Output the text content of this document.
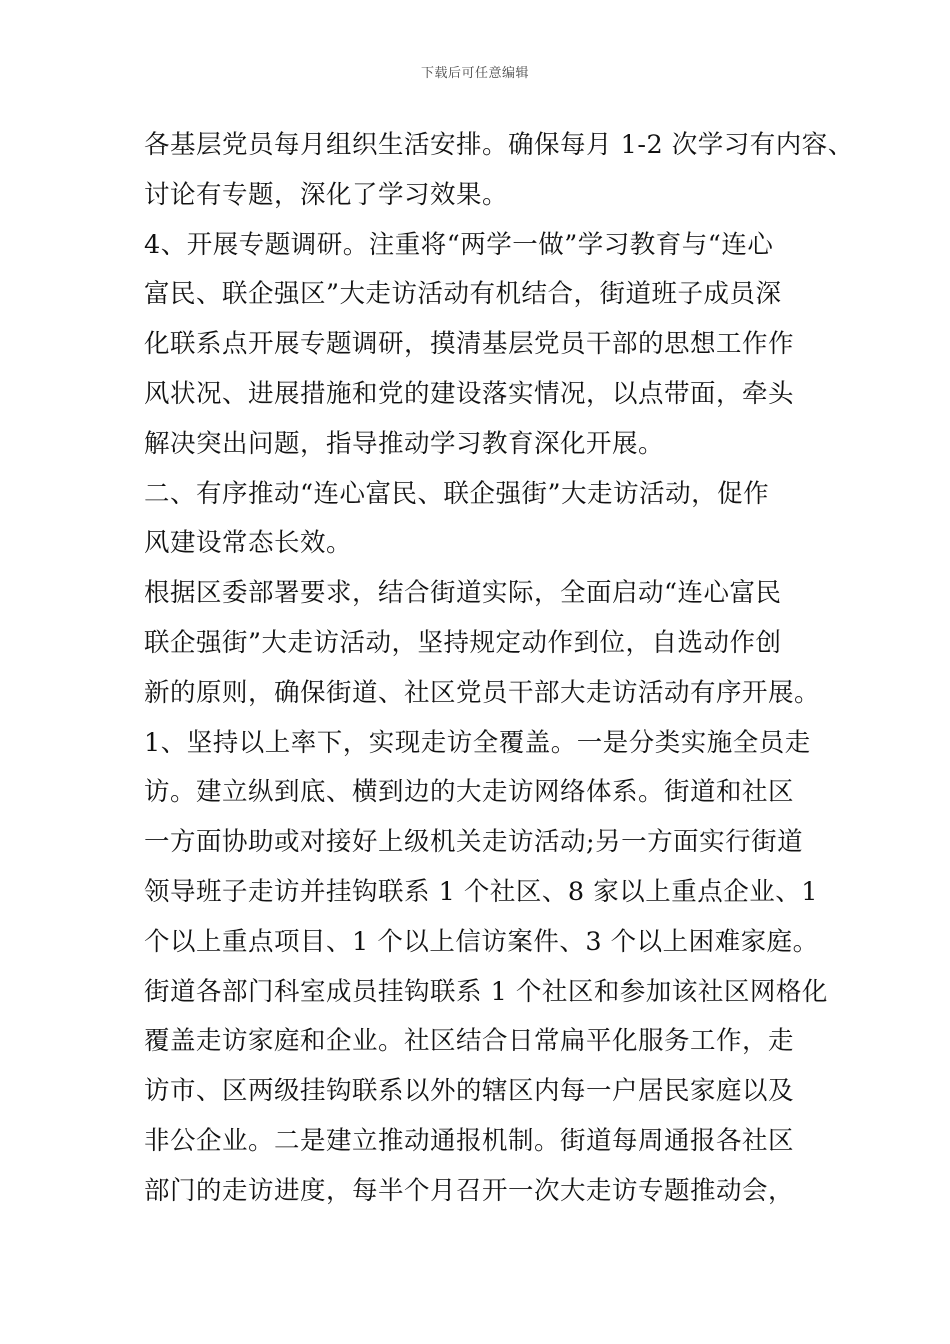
下载后可任意编辑
各基层党员每月组织生活安排。确保每月 1-2 次学习有内容、
讨论有专题，深化了学习效果。
4、开展专题调研。注重将“两学一做”学习教育与“连心
富民、联企强区”大走访活动有机结合，街道班子成员深
化联系点开展专题调研，摸清基层党员干部的思想工作作
风状况、进展措施和党的建设落实情况，以点带面，牵头
解决突出问题，指导推动学习教育深化开展。
二、有序推动“连心富民、联企强街”大走访活动，促作
风建设常态长效。
根据区委部署要求，结合街道实际，全面启动“连心富民
联企强街”大走访活动，坚持规定动作到位，自选动作创
新的原则，确保街道、社区党员干部大走访活动有序开展。
1、坚持以上率下，实现走访全覆盖。一是分类实施全员走
访。建立纵到底、横到边的大走访网络体系。街道和社区
一方面协助或对接好上级机关走访活动;另一方面实行街道
领导班子走访并挂钩联系 1 个社区、8 家以上重点企业、1
个以上重点项目、1 个以上信访案件、3 个以上困难家庭。
街道各部门科室成员挂钩联系 1 个社区和参加该社区网格化
覆盖走访家庭和企业。社区结合日常扁平化服务工作，走
访市、区两级挂钩联系以外的辖区内每一户居民家庭以及
非公企业。二是建立推动通报机制。街道每周通报各社区
部门的走访进度，每半个月召开一次大走访专题推动会，
